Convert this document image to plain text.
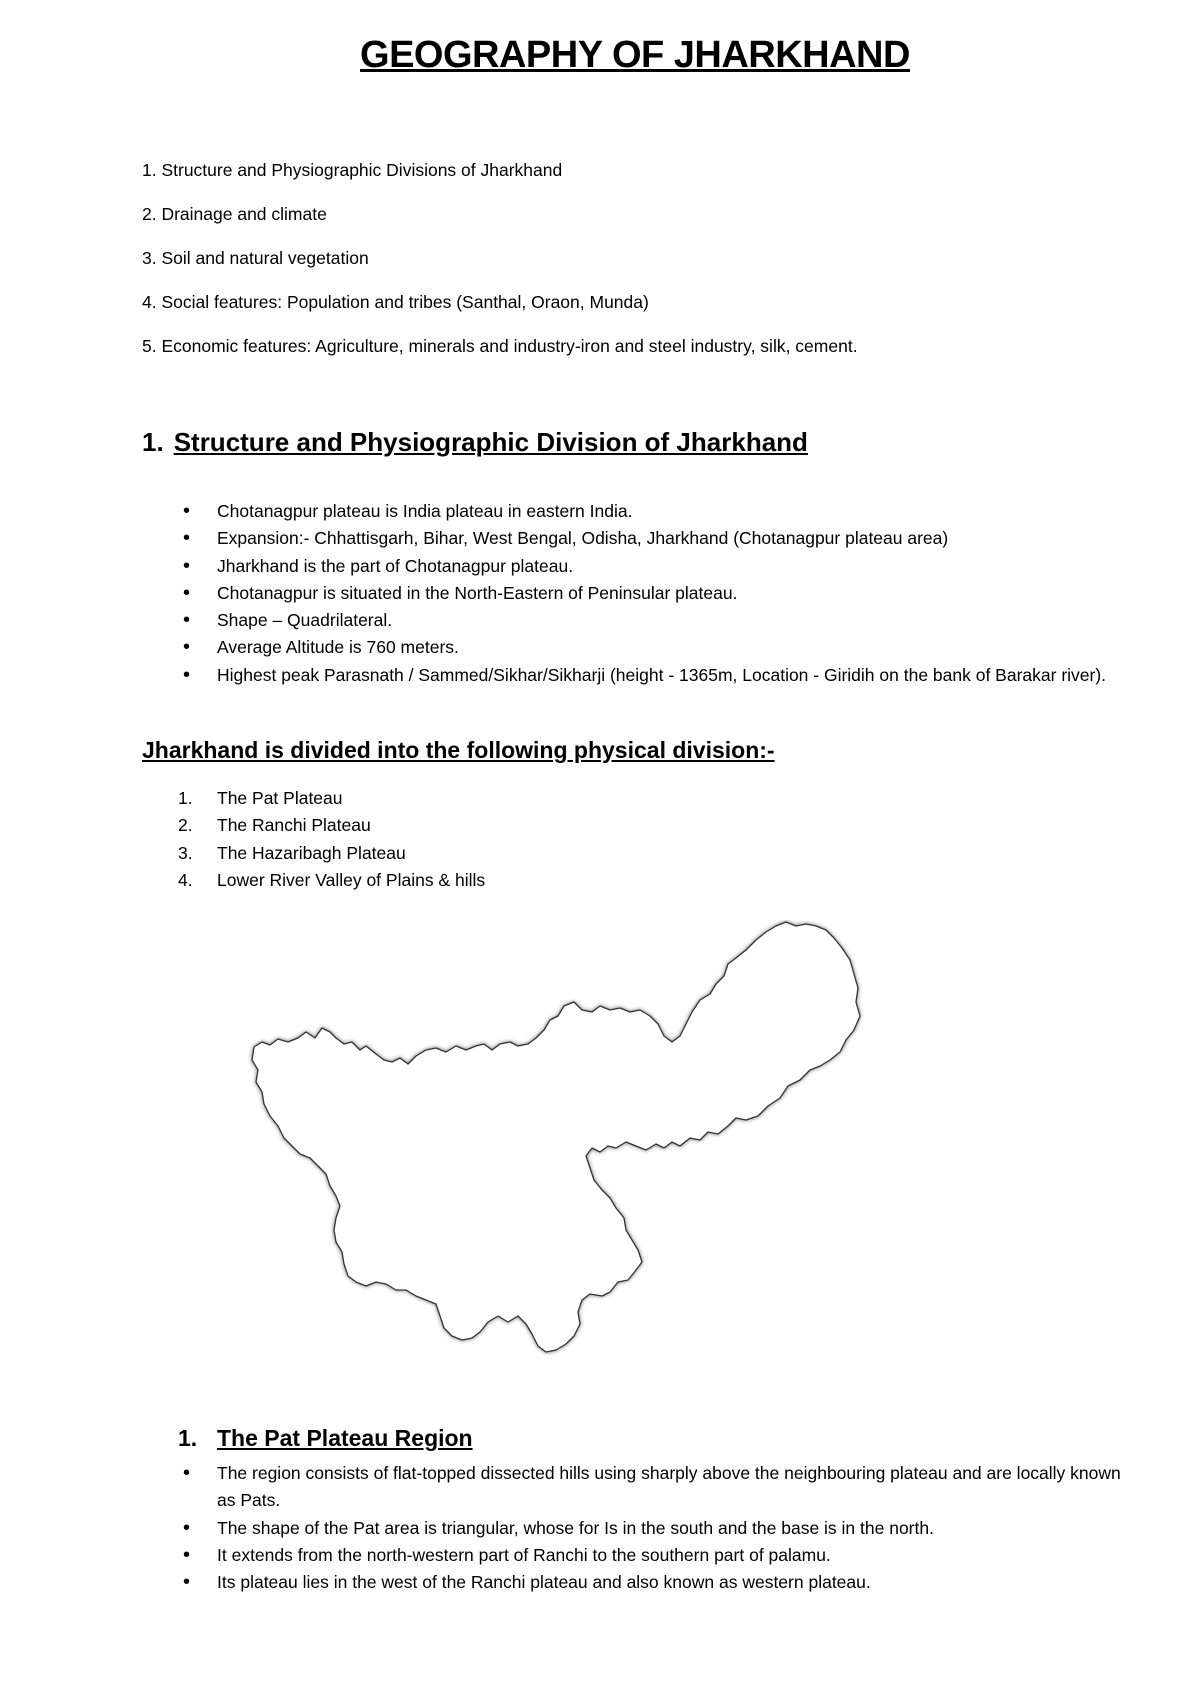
GEOGRAPHY OF JHARKHAND
1. Structure and Physiographic Divisions of Jharkhand
2. Drainage and climate
3. Soil and natural vegetation
4. Social features: Population and tribes (Santhal, Oraon, Munda)
5. Economic features: Agriculture, minerals and industry-iron and steel industry, silk, cement.
1. Structure and Physiographic Division of Jharkhand
• Chotanagpur plateau is India plateau in eastern India.
• Expansion:- Chhattisgarh, Bihar, West Bengal, Odisha, Jharkhand (Chotanagpur plateau area)
• Jharkhand is the part of Chotanagpur plateau.
• Chotanagpur is situated in the North-Eastern of Peninsular plateau.
• Shape – Quadrilateral.
• Average Altitude is 760 meters.
• Highest peak Parasnath / Sammed/Sikhar/Sikharji (height - 1365m, Location - Giridih on the bank of Barakar river).
Jharkhand is divided into the following physical division:-
1. The Pat Plateau
2. The Ranchi Plateau
3. The Hazaribagh Plateau
4. Lower River Valley of Plains & hills
1. The Pat Plateau Region
• The region consists of flat-topped dissected hills using sharply above the neighbouring plateau and are locally known as Pats.
• The shape of the Pat area is triangular, whose for Is in the south and the base is in the north.
• It extends from the north-western part of Ranchi to the southern part of palamu.
• Its plateau lies in the west of the Ranchi plateau and also known as western plateau.
